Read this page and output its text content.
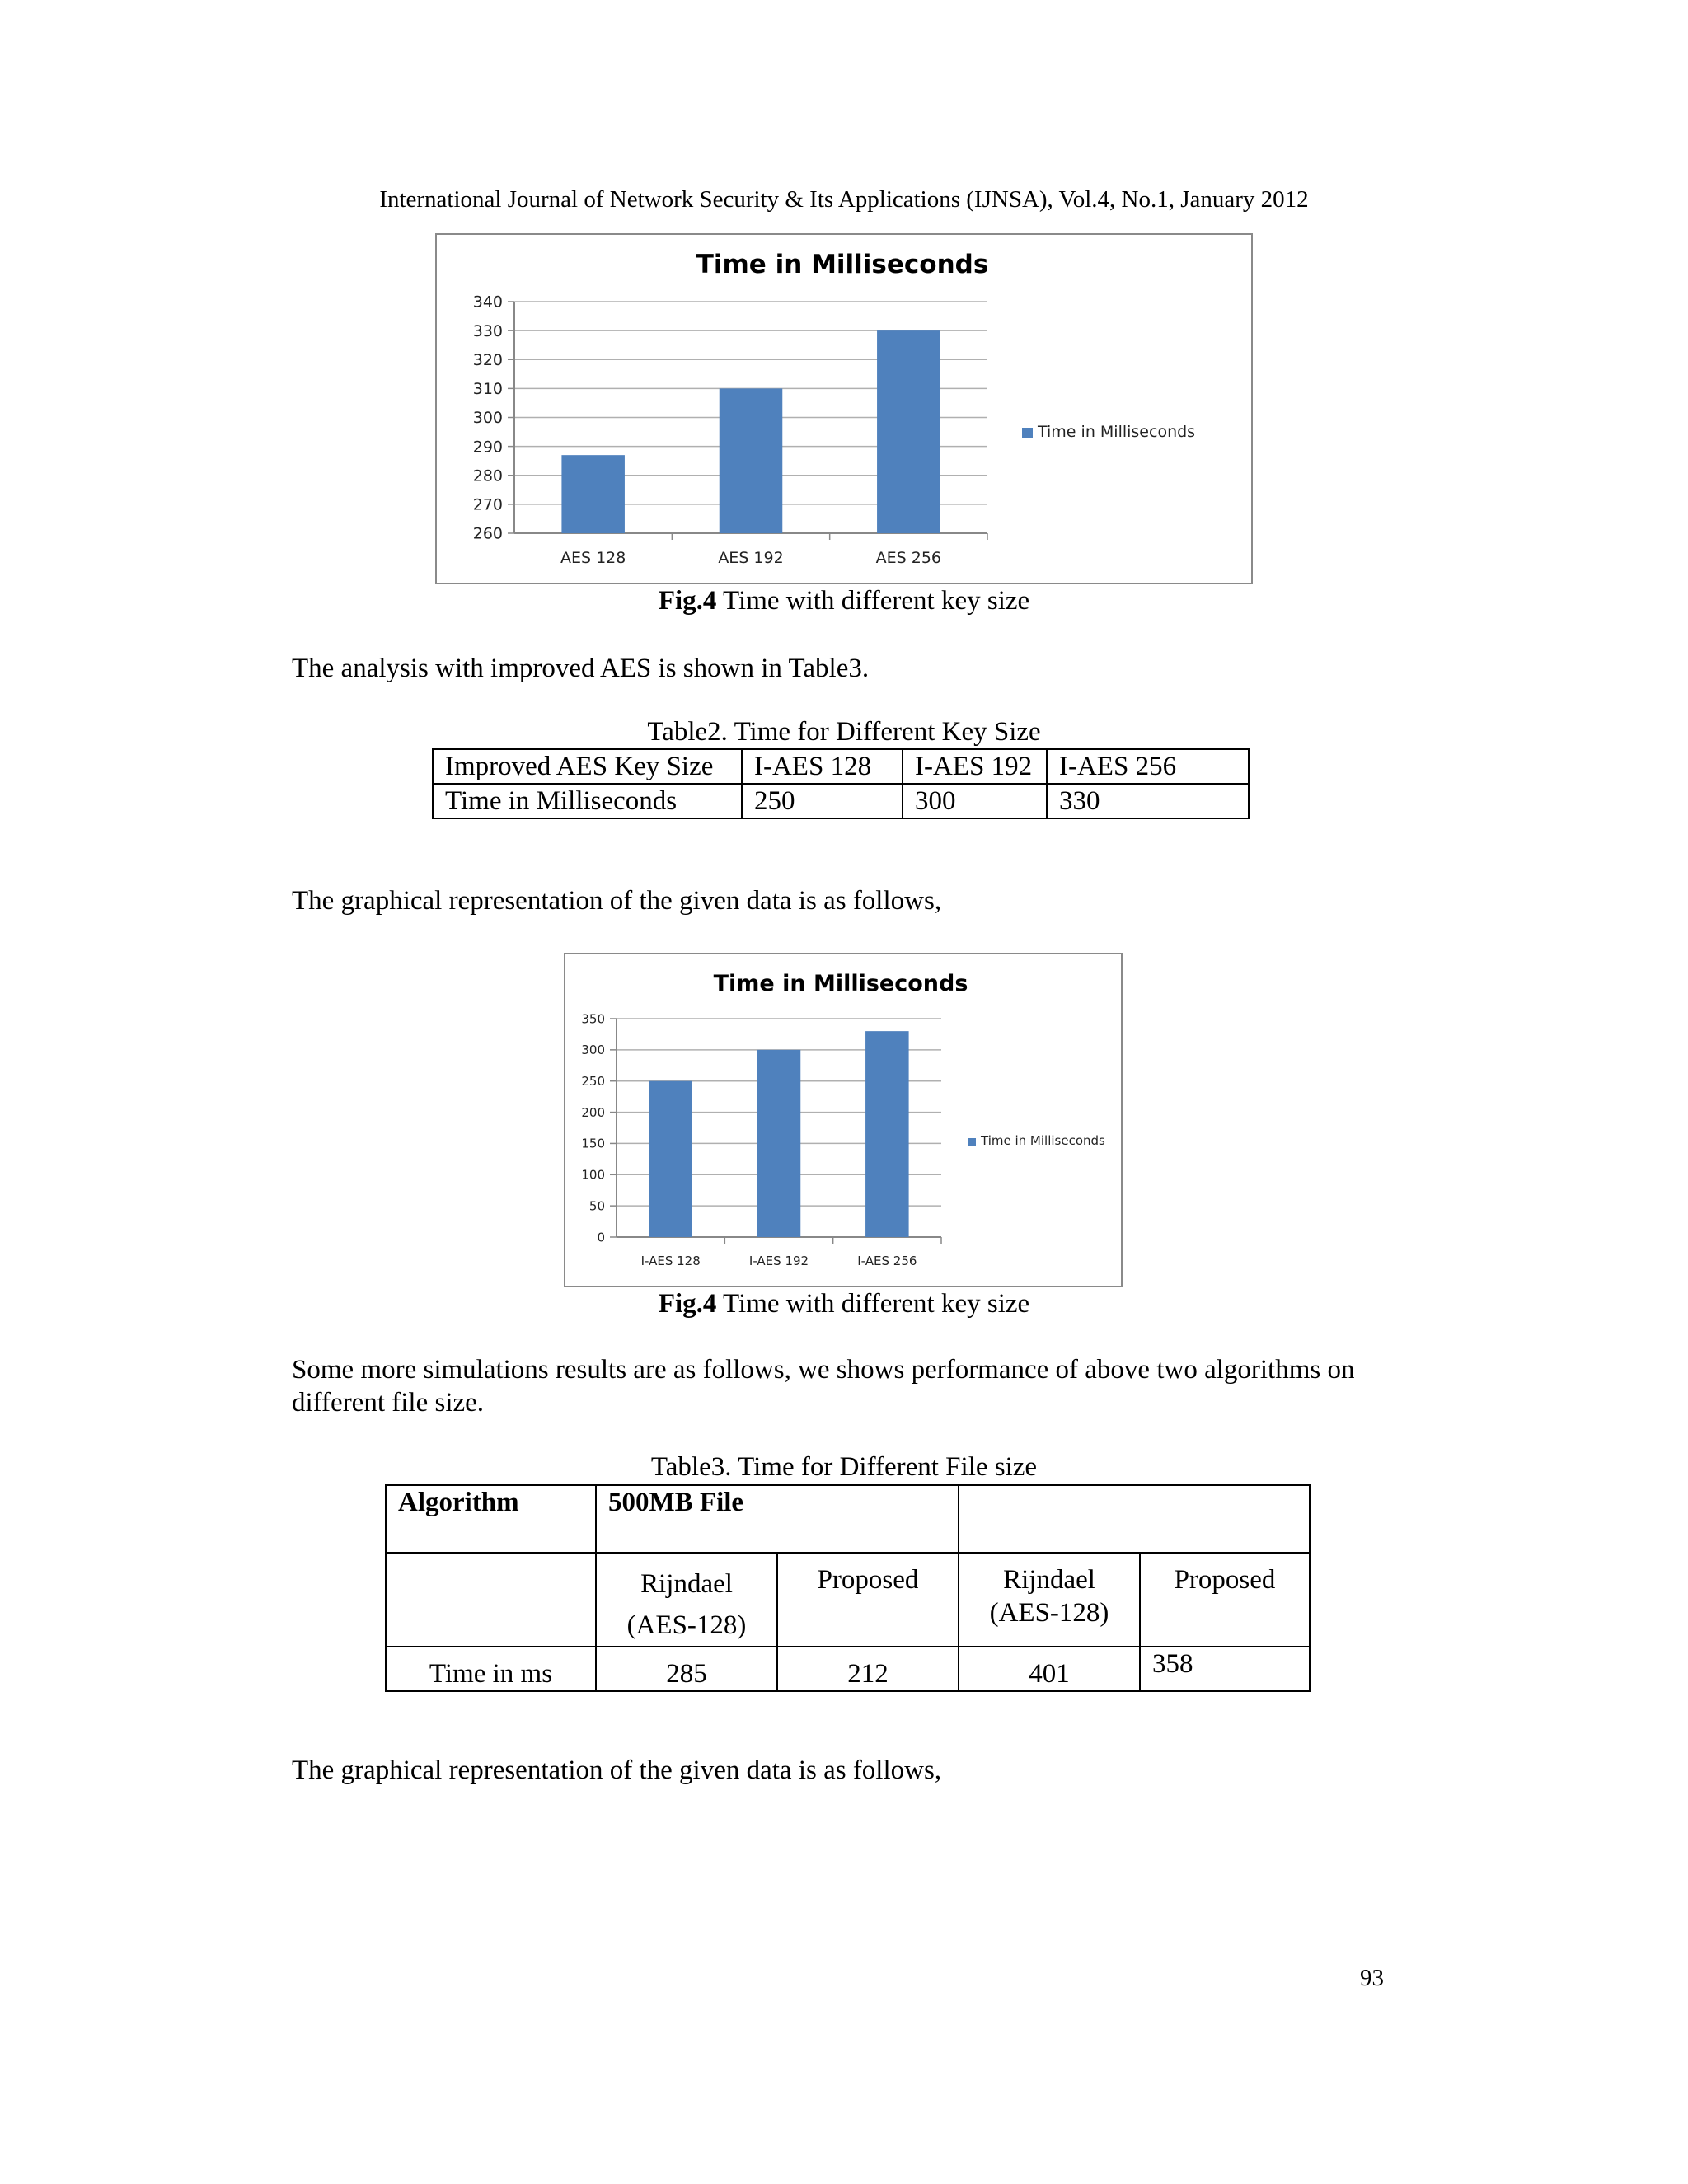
International Journal of Network Security & Its Applications (IJNSA), Vol.4, No.1, January 2012
Time in Milliseconds
260
270
280
290
300
310
320
330
340
AES 128	AES 192	AES 256
Time in Milliseconds
Fig.4 Time with different key size
The analysis with improved AES is shown in Table3.
Table2. Time for Different Key Size
Improved AES Key Size	I-AES 128	I-AES 192	I-AES 256
Time in Milliseconds	250	300	330
The graphical representation of the given data is as follows,
Time in Milliseconds
0
50
100
150
200
250
300
350
I-AES 128	I-AES 192	I-AES 256
Time in Milliseconds
Fig.4 Time with different key size
Some more simulations results are as follows, we shows performance of above two algorithms on different file size.
Table3. Time for Different File size
Algorithm	500MB File			
	Rijndael (AES-128)	Proposed	Rijndael (AES-128)	Proposed
Time in ms	285	212	401	358
The graphical representation of the given data is as follows,
93
